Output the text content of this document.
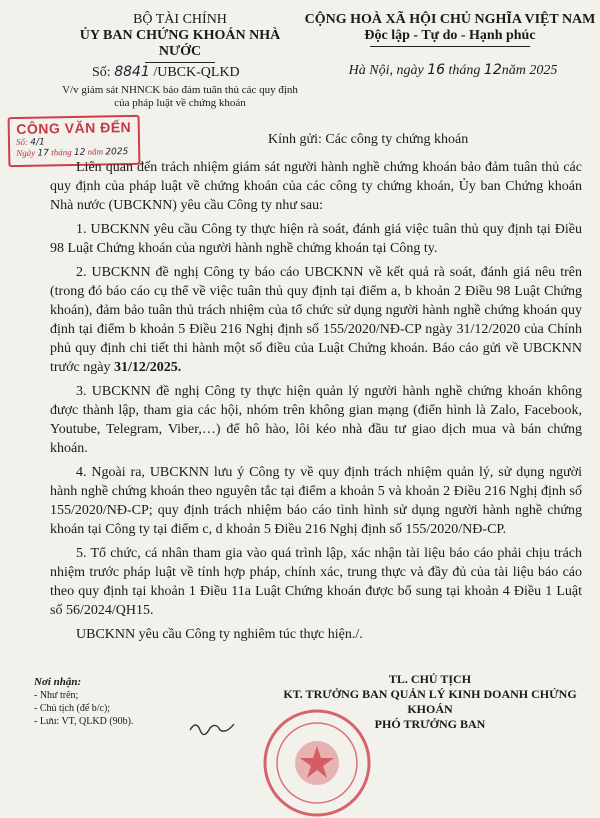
BỘ TÀI CHÍNH
ỦY BAN CHỨNG KHOÁN NHÀ NƯỚC
Số: 8841 /UBCK-QLKD
V/v giám sát NHNCK bảo đảm tuân thủ các quy định của pháp luật về chứng khoán
CỘNG HOÀ XÃ HỘI CHỦ NGHĨA VIỆT NAM
Độc lập - Tự do - Hạnh phúc
Hà Nội, ngày 16 tháng 12năm 2025
CÔNG VĂN ĐẾN
Số: 4/1
Ngày 17 tháng 12 năm 2025
Kính gửi: Các công ty chứng khoán

Liên quan đến trách nhiệm giám sát người hành nghề chứng khoán bảo đảm tuân thủ các quy định của pháp luật về chứng khoán của các công ty chứng khoán, Ủy ban Chứng khoán Nhà nước (UBCKNN) yêu cầu Công ty như sau:

1. UBCKNN yêu cầu Công ty thực hiện rà soát, đánh giá việc tuân thủ quy định tại Điều 98 Luật Chứng khoán của người hành nghề chứng khoán tại Công ty.

2. UBCKNN đề nghị Công ty báo cáo UBCKNN về kết quả rà soát, đánh giá nêu trên (trong đó báo cáo cụ thể về việc tuân thủ quy định tại điểm a, b khoản 2 Điều 98 Luật Chứng khoán), đảm bảo tuân thủ trách nhiệm của tổ chức sử dụng người hành nghề chứng khoán quy định tại điểm b khoản 5 Điều 216 Nghị định số 155/2020/NĐ-CP ngày 31/12/2020 của Chính phủ quy định chi tiết thi hành một số điều của Luật Chứng khoán. Báo cáo gửi về UBCKNN trước ngày 31/12/2025.

3. UBCKNN đề nghị Công ty thực hiện quản lý người hành nghề chứng khoán không được thành lập, tham gia các hội, nhóm trên không gian mạng (điển hình là Zalo, Facebook, Youtube, Telegram, Viber,…) để hô hào, lôi kéo nhà đầu tư giao dịch mua và bán chứng khoán.

4. Ngoài ra, UBCKNN lưu ý Công ty về quy định trách nhiệm quản lý, sử dụng người hành nghề chứng khoán theo nguyên tắc tại điểm a khoản 5 và khoản 2 Điều 216 Nghị định số 155/2020/NĐ-CP; quy định trách nhiệm báo cáo tình hình sử dụng người hành nghề chứng khoán tại Công ty tại điểm c, d khoản 5 Điều 216 Nghị định số 155/2020/NĐ-CP.

5. Tổ chức, cá nhân tham gia vào quá trình lập, xác nhận tài liệu báo cáo phải chịu trách nhiệm trước pháp luật về tính hợp pháp, chính xác, trung thực và đầy đủ của tài liệu báo cáo theo quy định tại khoản 1 Điều 11a Luật Chứng khoán được bổ sung tại khoản 4 Điều 1 Luật số 56/2024/QH15.

UBCKNN yêu cầu Công ty nghiêm túc thực hiện./.

Nơi nhận:
- Như trên;
- Chủ tịch (để b/c);
- Lưu: VT, QLKD (90b).
TL. CHỦ TỊCH
KT. TRƯỞNG BAN QUẢN LÝ KINH DOANH CHỨNG KHOÁN
PHÓ TRƯỞNG BAN
